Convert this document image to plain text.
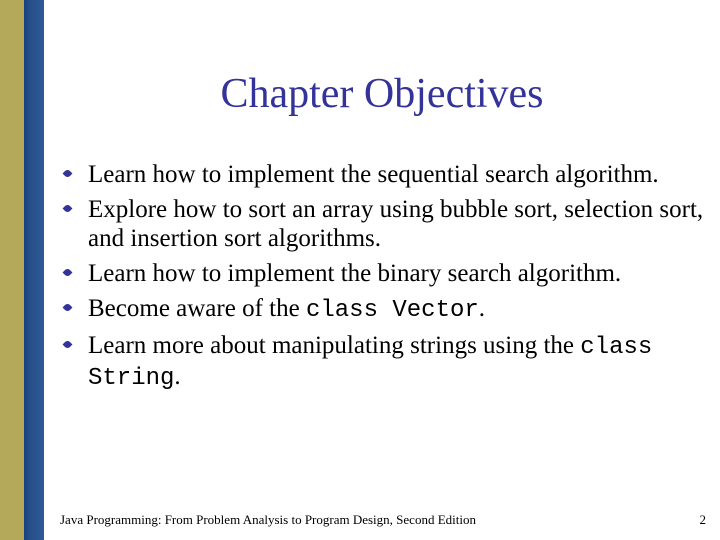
Chapter Objectives
Learn how to implement the sequential search algorithm.
Explore how to sort an array using bubble sort, selection sort, and insertion sort algorithms.
Learn how to implement the binary search algorithm.
Become aware of the class Vector.
Learn more about manipulating strings using the class String.
Java Programming: From Problem Analysis to Program Design, Second Edition	2
